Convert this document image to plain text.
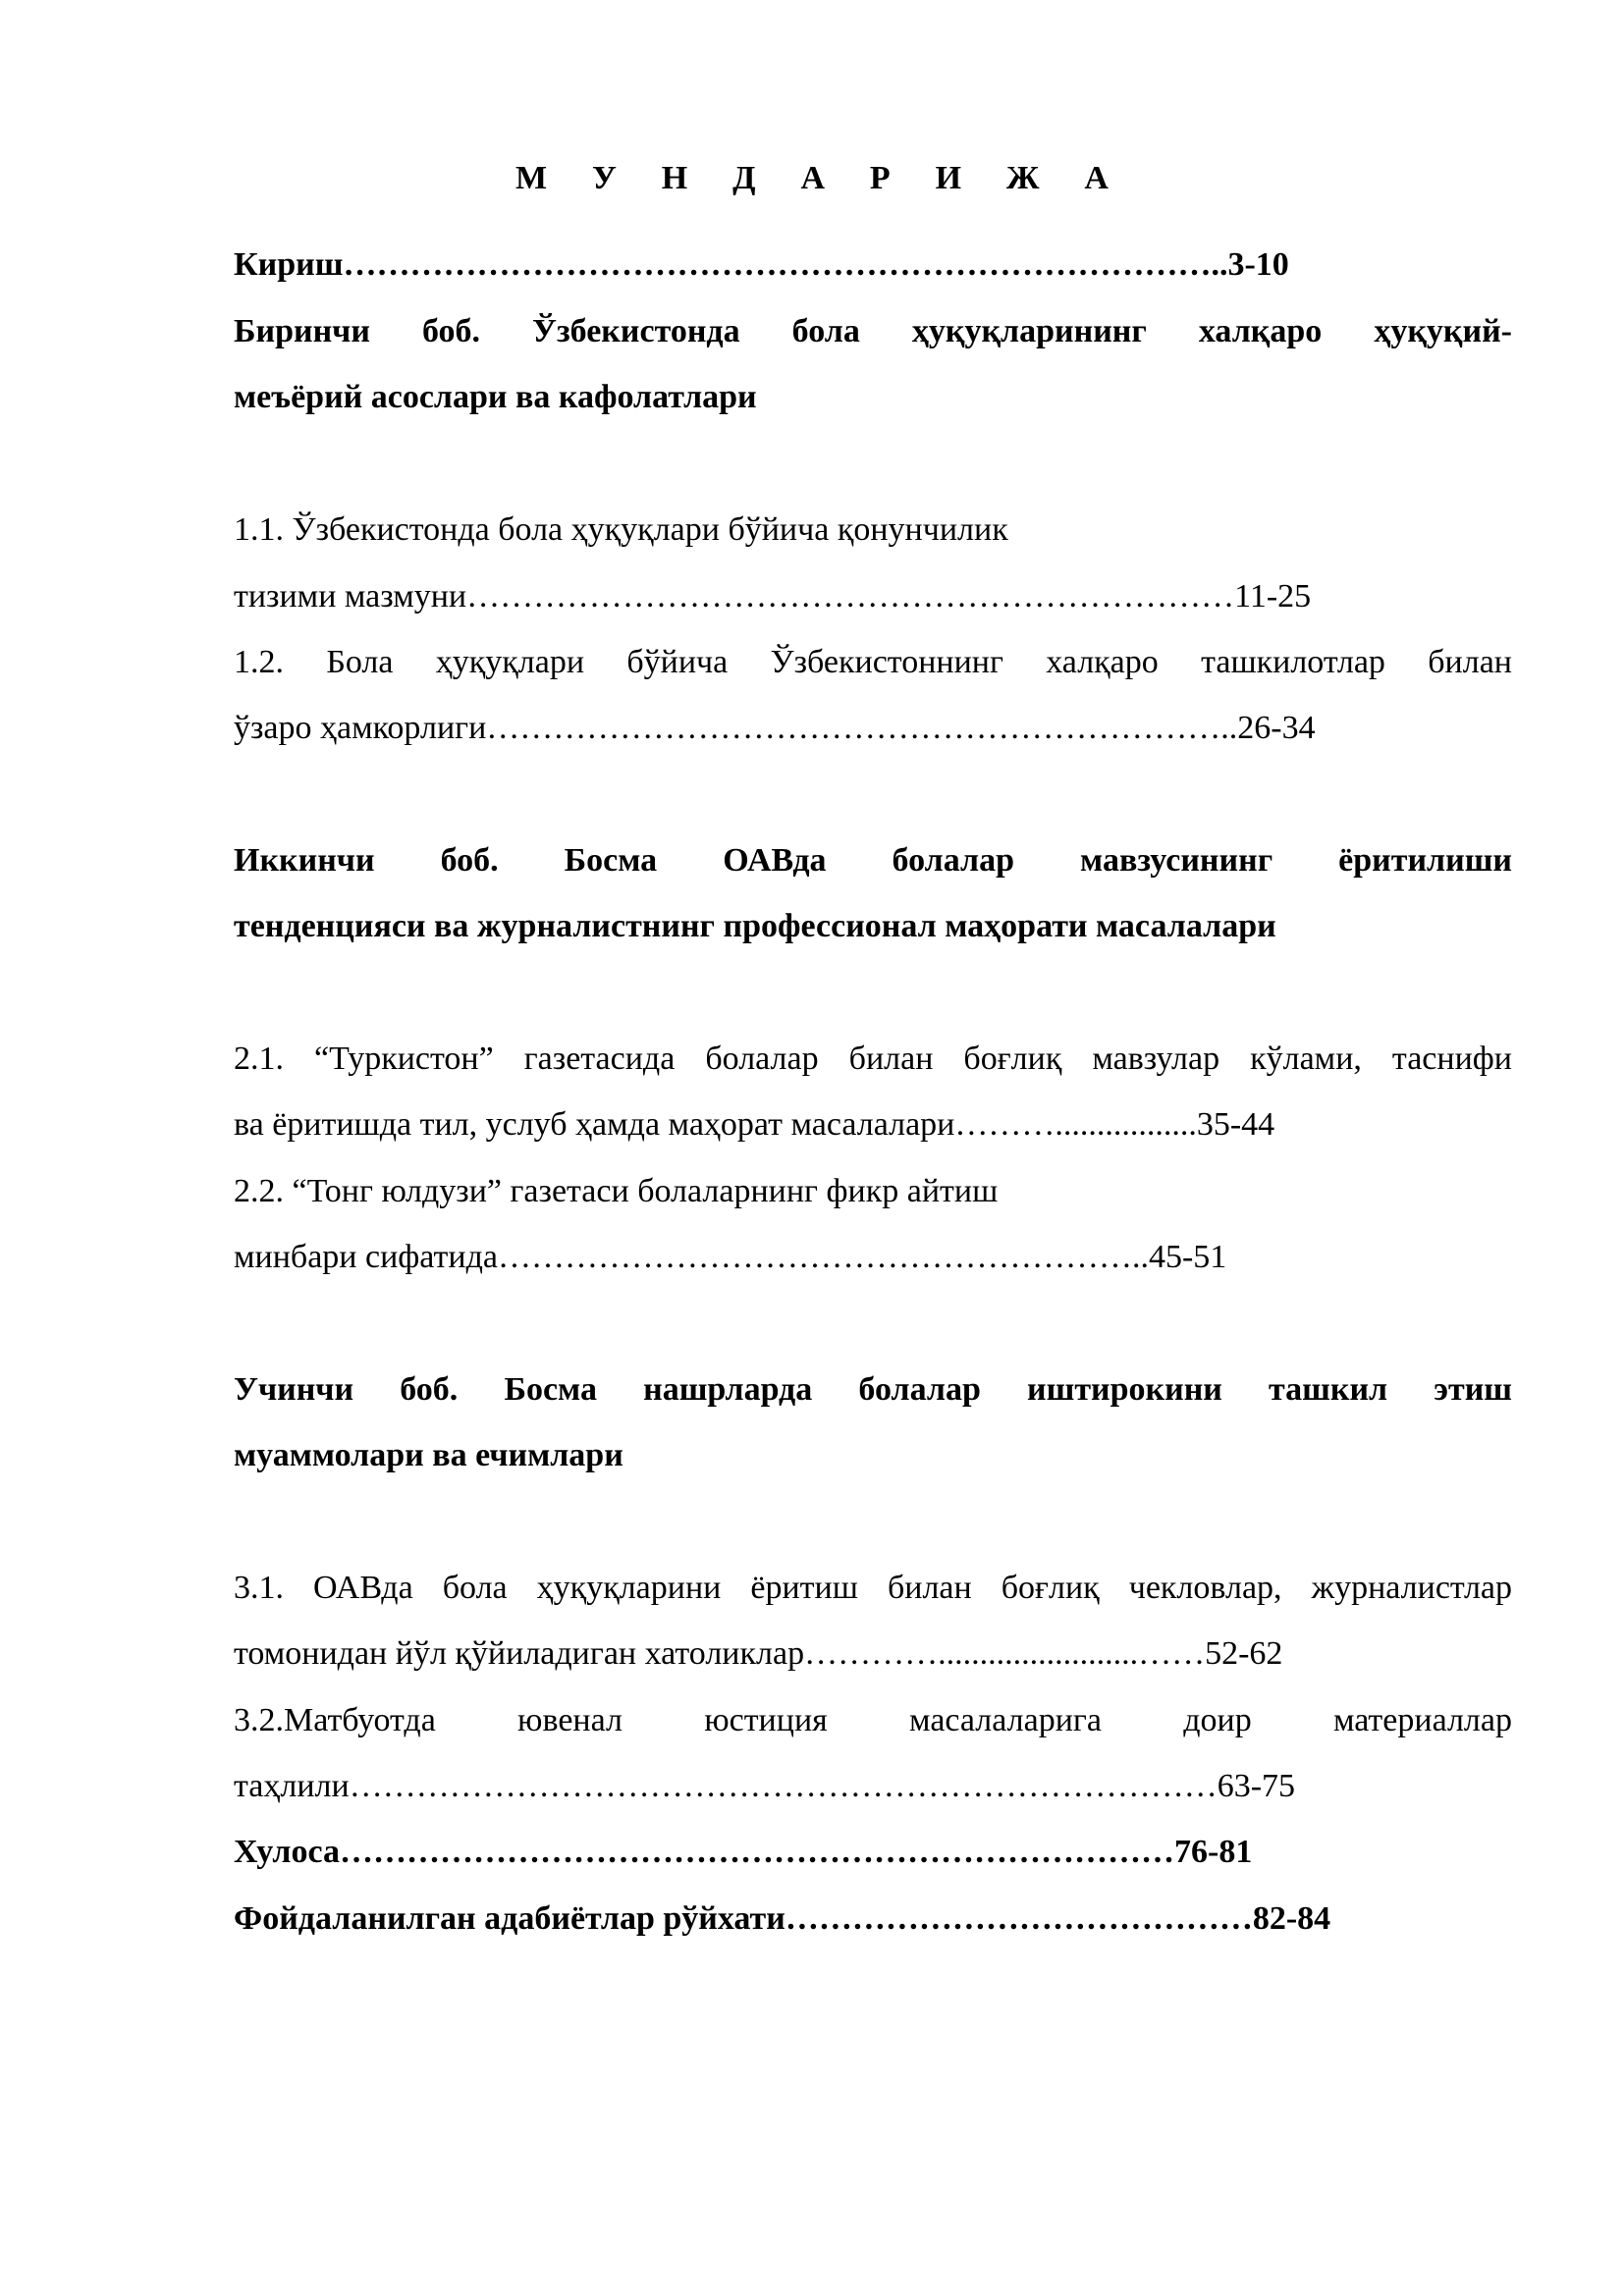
М У Н Д А Р И Ж А
Кириш……………………………………………………………………..3-10
Биринчи боб. Ўзбекистонда бола ҳуқуқларининг халқаро ҳуқуқий-
меъёрий асослари ва кафолатлари
1.1. Ўзбекистонда бола ҳуқуқлари бўйича қонунчилик
тизими мазмуни……………………………………………………………11-25
1.2. Бола ҳуқуқлари бўйича Ўзбекистоннинг халқаро ташкилотлар билан
ўзаро ҳамкорлиги…………………………………………………………..26-34
Иккинчи боб. Босма ОАВда болалар мавзусининг ёритилиши
тенденцияси ва журналистнинг профессионал маҳорати масалалари
2.1. “Туркистон” газетасида болалар билан боғлиқ мавзулар кўлами, таснифи
ва ёритишда тил, услуб ҳамда маҳорат масалалари……….................35-44
2.2. “Тонг юлдузи” газетаси болаларнинг фикр айтиш
минбари сифатида…………………………………………………..45-51
Учинчи боб. Босма нашрларда болалар иштирокини ташкил этиш
муаммолари ва ечимлари
3.1. ОАВда бола ҳуқуқларини ёритиш билан боғлиқ чекловлар, журналистлар
томонидан йўл қўйиладиган хатоликлар…………........................……52-62
3.2.Матбуотда ювенал юстиция масалаларига доир материаллар
таҳлили……………………………………………………………………63-75
Хулоса…………………………………………………………………76-81
Фойдаланилган адабиётлар рўйхати……………………………………82-84
